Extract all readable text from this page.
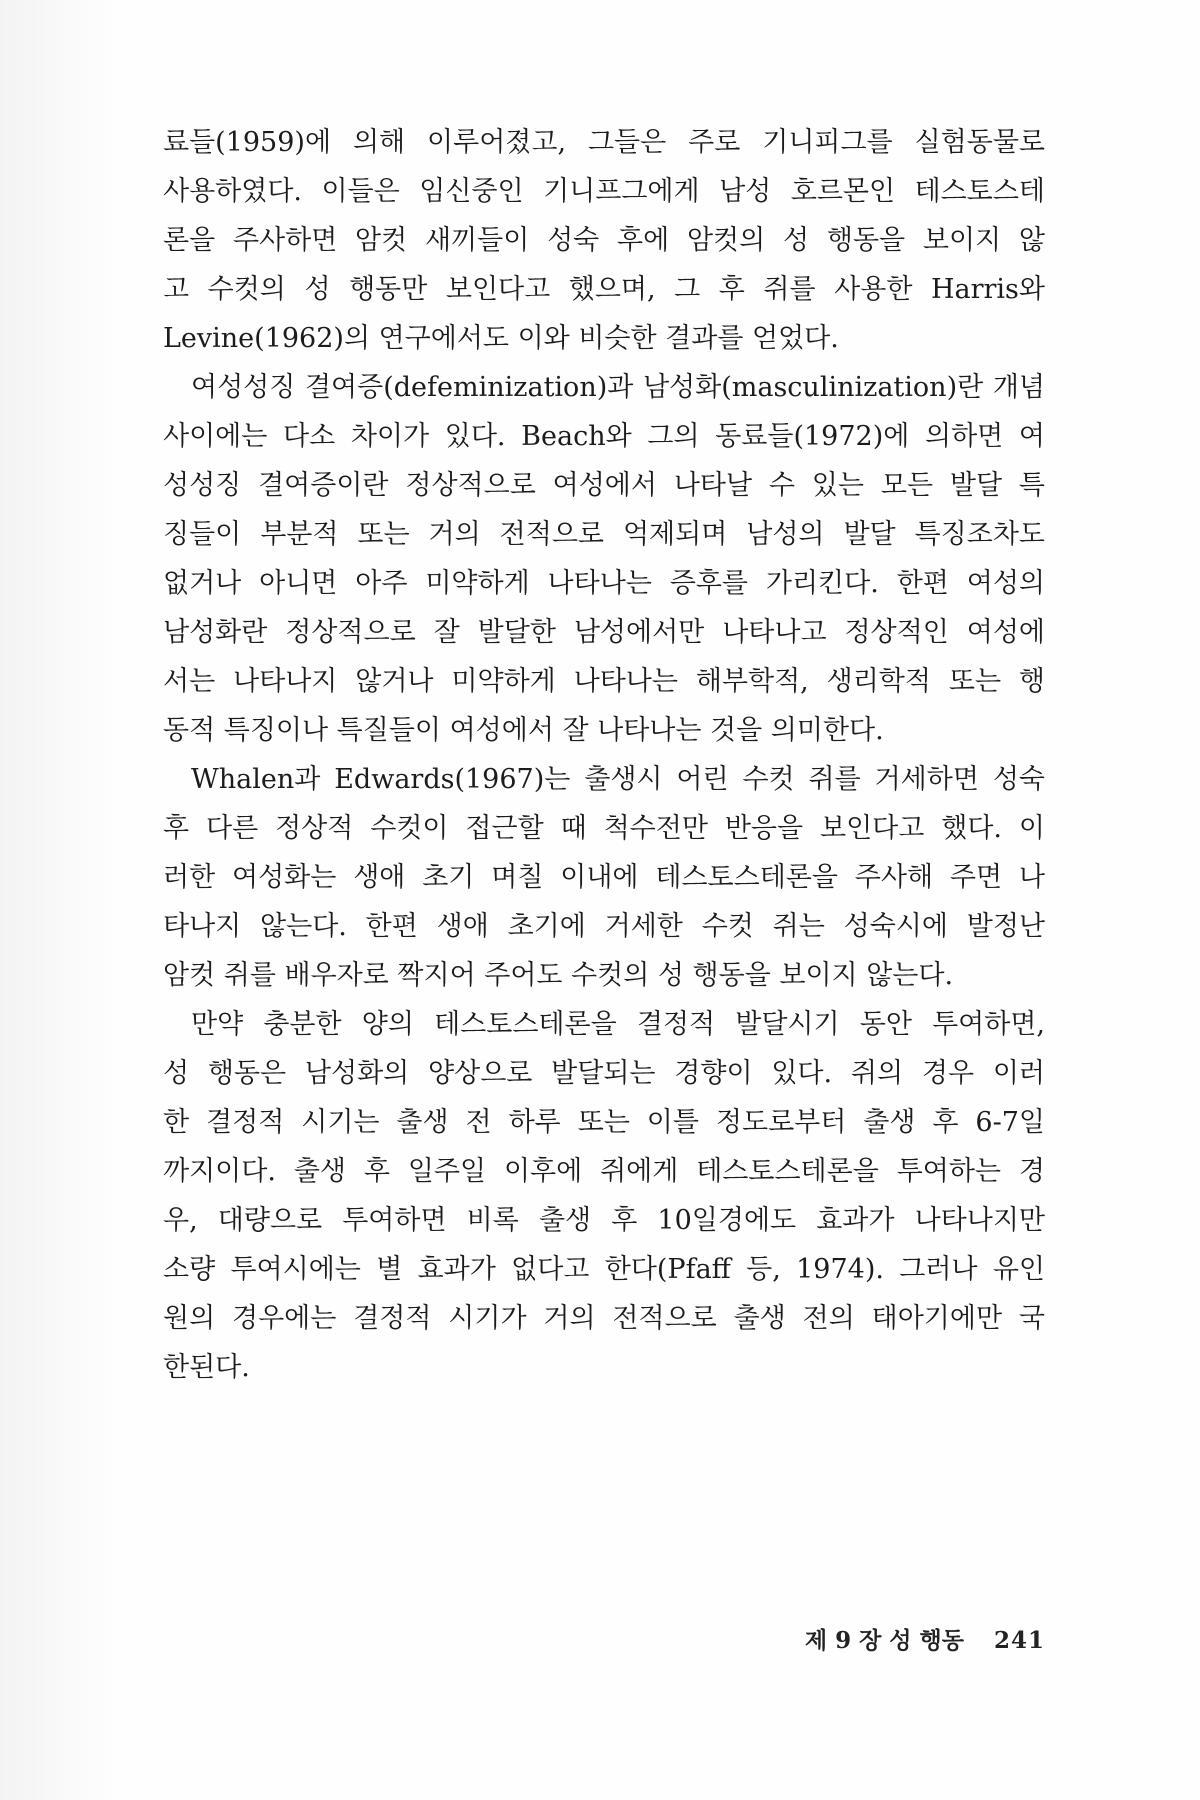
료들(1959)에 의해 이루어졌고, 그들은 주로 기니피그를 실험동물로
사용하였다. 이들은 임신중인 기니프그에게 남성 호르몬인 테스토스테
론을 주사하면 암컷 새끼들이 성숙 후에 암컷의 성 행동을 보이지 않
고 수컷의 성 행동만 보인다고 했으며, 그 후 쥐를 사용한 Harris와
Levine(1962)의 연구에서도 이와 비슷한 결과를 얻었다.
여성성징 결여증(defeminization)과 남성화(masculinization)란 개념
사이에는 다소 차이가 있다. Beach와 그의 동료들(1972)에 의하면 여
성성징 결여증이란 정상적으로 여성에서 나타날 수 있는 모든 발달 특
징들이 부분적 또는 거의 전적으로 억제되며 남성의 발달 특징조차도
없거나 아니면 아주 미약하게 나타나는 증후를 가리킨다. 한편 여성의
남성화란 정상적으로 잘 발달한 남성에서만 나타나고 정상적인 여성에
서는 나타나지 않거나 미약하게 나타나는 해부학적, 생리학적 또는 행
동적 특징이나 특질들이 여성에서 잘 나타나는 것을 의미한다.
Whalen과 Edwards(1967)는 출생시 어린 수컷 쥐를 거세하면 성숙
후 다른 정상적 수컷이 접근할 때 척수전만 반응을 보인다고 했다. 이
러한 여성화는 생애 초기 며칠 이내에 테스토스테론을 주사해 주면 나
타나지 않는다. 한편 생애 초기에 거세한 수컷 쥐는 성숙시에 발정난
암컷 쥐를 배우자로 짝지어 주어도 수컷의 성 행동을 보이지 않는다.
만약 충분한 양의 테스토스테론을 결정적 발달시기 동안 투여하면,
성 행동은 남성화의 양상으로 발달되는 경향이 있다. 쥐의 경우 이러
한 결정적 시기는 출생 전 하루 또는 이틀 정도로부터 출생 후 6-7일
까지이다. 출생 후 일주일 이후에 쥐에게 테스토스테론을 투여하는 경
우, 대량으로 투여하면 비록 출생 후 10일경에도 효과가 나타나지만
소량 투여시에는 별 효과가 없다고 한다(Pfaff 등, 1974). 그러나 유인
원의 경우에는 결정적 시기가 거의 전적으로 출생 전의 태아기에만 국
한된다.
제 9 장 성 행동 241
